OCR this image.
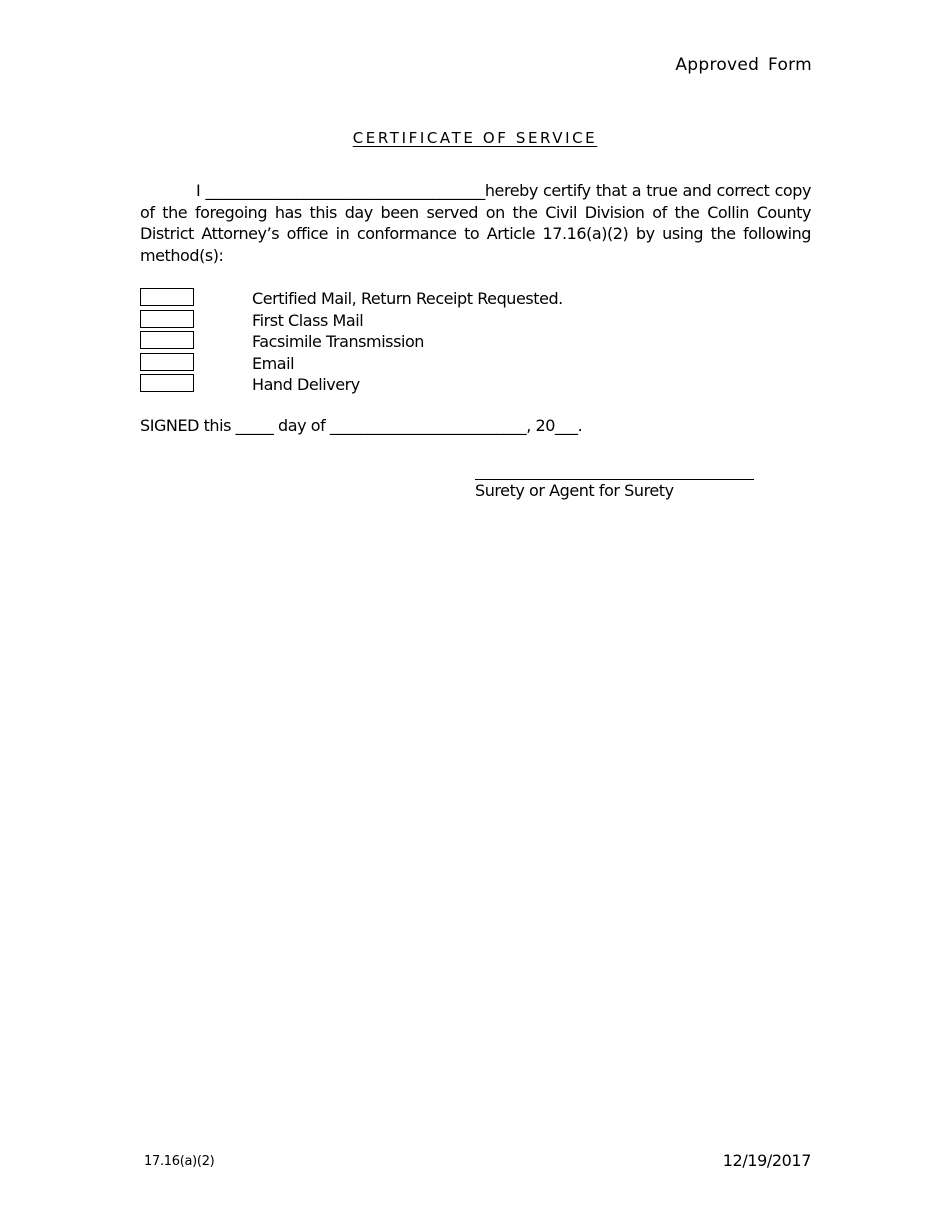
Approved Form
CERTIFICATE OF SERVICE
I _____________________________________hereby certify that a true and correct copy of the foregoing has this day been served on the Civil Division of the Collin County District Attorney’s office in conformance to Article 17.16(a)(2) by using the following method(s):
Certified Mail, Return Receipt Requested.
First Class Mail
Facsimile Transmission
Email
Hand Delivery
SIGNED this _____ day of __________________________, 20___.
Surety or Agent for Surety
17.16(a)(2)	12/19/2017
